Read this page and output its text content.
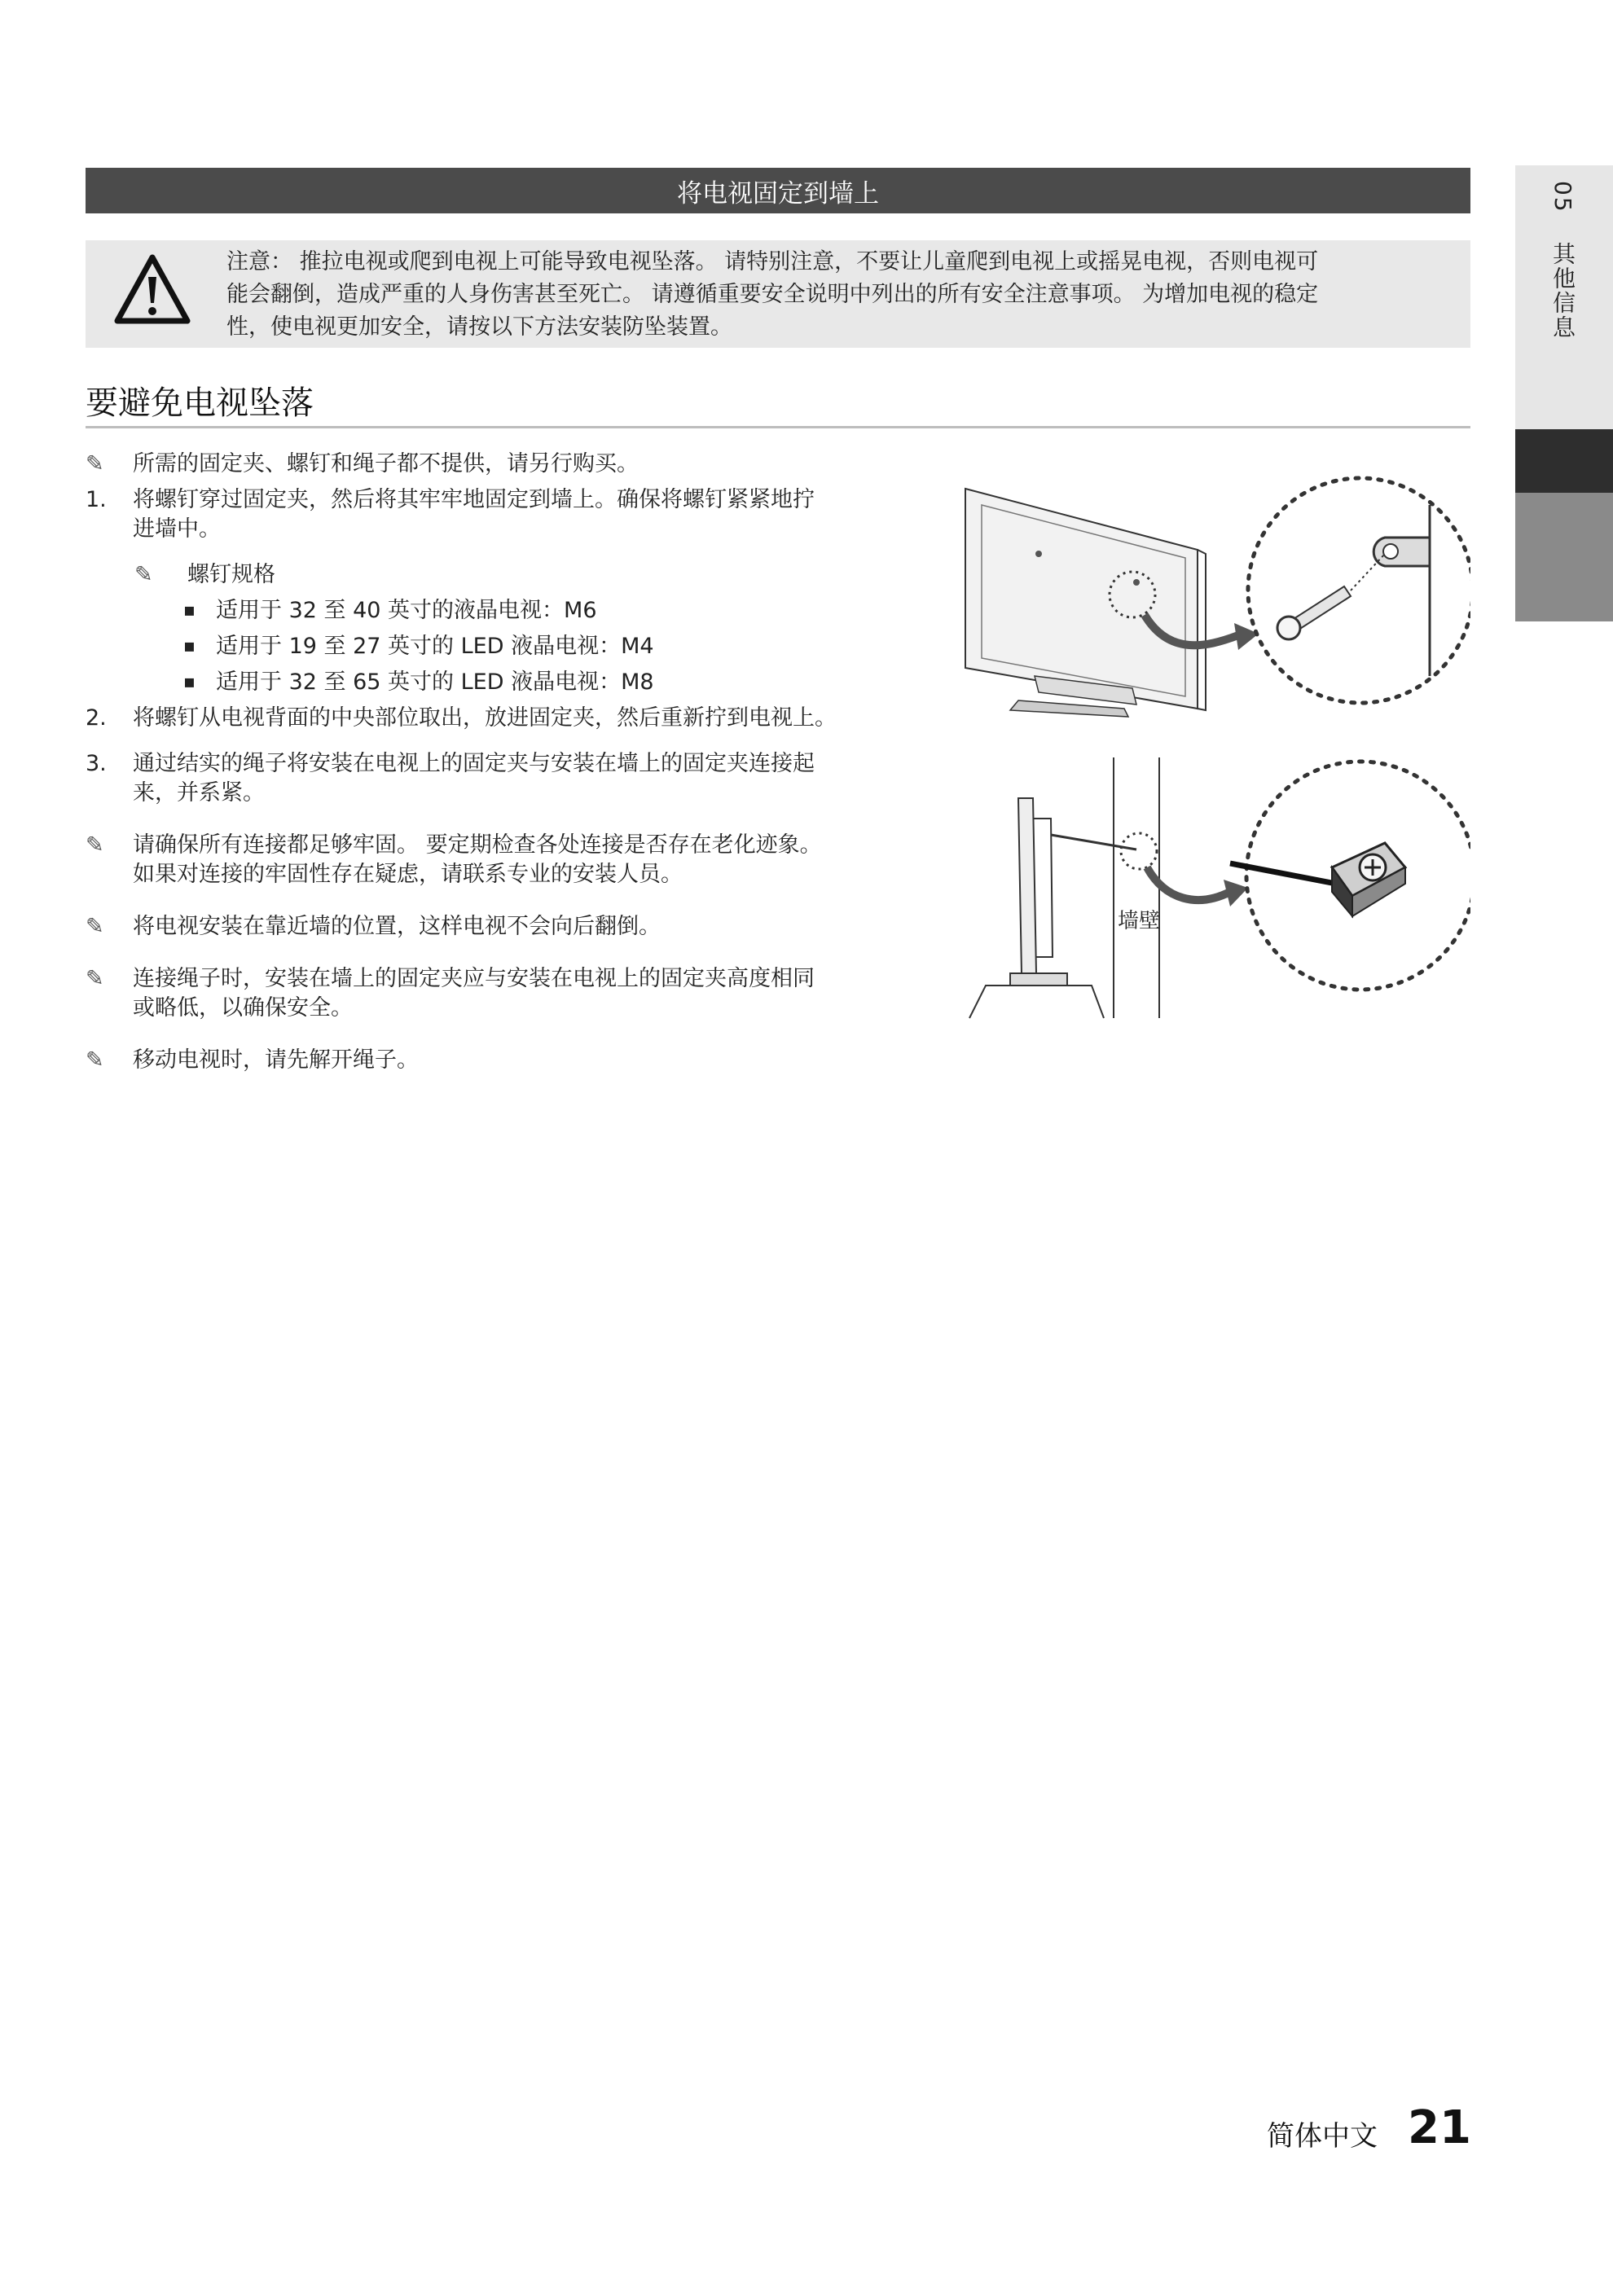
05 其他信息
将电视固定到墙上
注意： 推拉电视或爬到电视上可能导致电视坠落。 请特别注意，不要让儿童爬到电视上或摇晃电视，否则电视可
能会翻倒，造成严重的人身伤害甚至死亡。 请遵循重要安全说明中列出的所有安全注意事项。 为增加电视的稳定
性，使电视更加安全，请按以下方法安装防坠装置。
要避免电视坠落
✎	所需的固定夹、螺钉和绳子都不提供，请另行购买。
1.	将螺钉穿过固定夹，然后将其牢牢地固定到墙上。确保将螺钉紧紧地拧
进墙中。
✎	螺钉规格
▪ 适用于 32 至 40 英寸的液晶电视：M6
▪ 适用于 19 至 27 英寸的 LED 液晶电视：M4
▪ 适用于 32 至 65 英寸的 LED 液晶电视：M8
2.	将螺钉从电视背面的中央部位取出，放进固定夹，然后重新拧到电视上。
3.	通过结实的绳子将安装在电视上的固定夹与安装在墙上的固定夹连接起
来，并系紧。
✎	请确保所有连接都足够牢固。 要定期检查各处连接是否存在老化迹象。
如果对连接的牢固性存在疑虑，请联系专业的安装人员。
✎	将电视安装在靠近墙的位置，这样电视不会向后翻倒。
✎	连接绳子时，安装在墙上的固定夹应与安装在电视上的固定夹高度相同
或略低，以确保安全。
✎	移动电视时，请先解开绳子。
墙壁
简体中文 21
